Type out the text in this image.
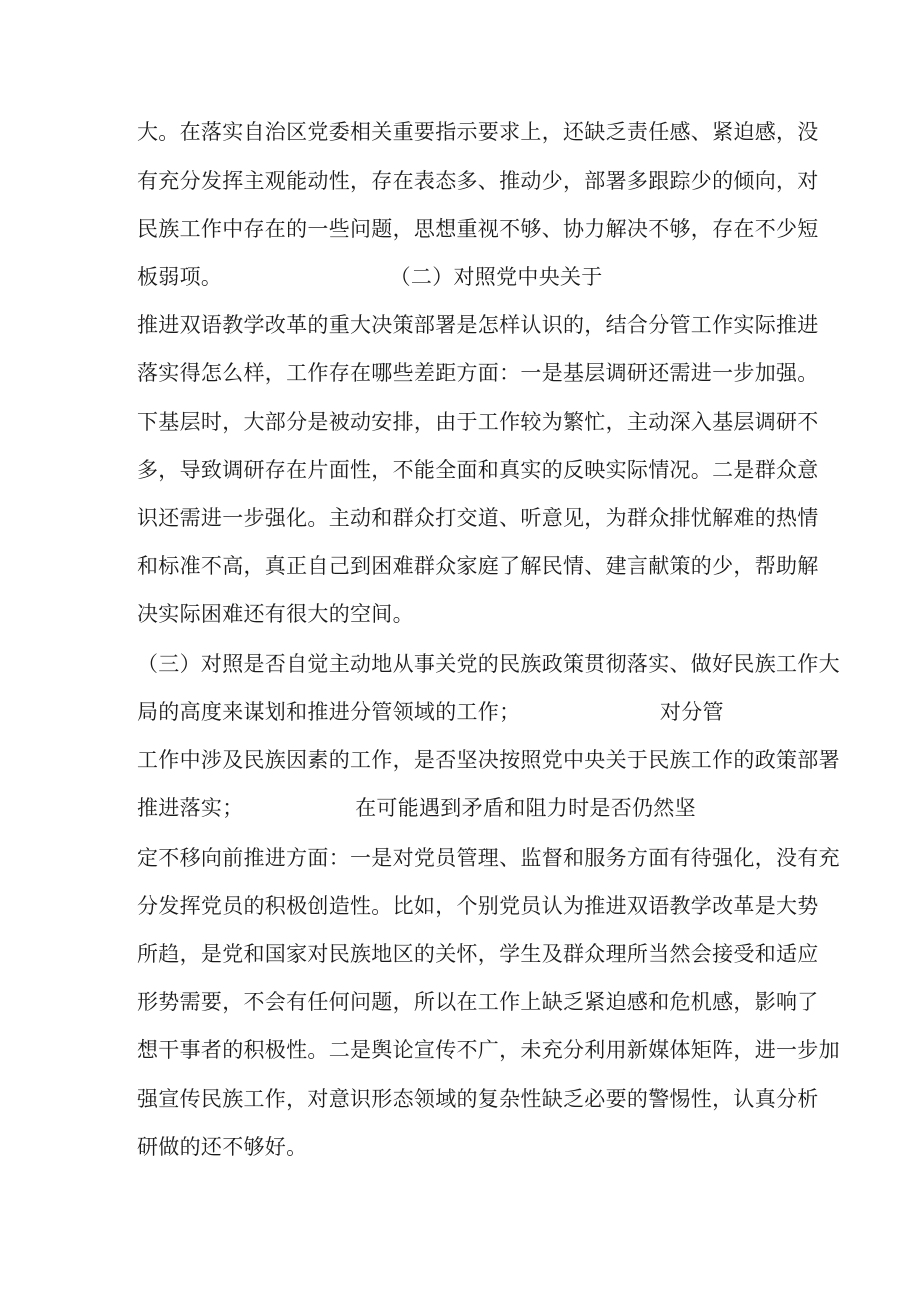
大。在落实自治区党委相关重要指示要求上，还缺乏责任感、紧迫感，没
有充分发挥主观能动性，存在表态多、推动少，部署多跟踪少的倾向，对
民族工作中存在的一些问题，思想重视不够、协力解决不够，存在不少短
板弱项。                        （二）对照党中央关于
推进双语教学改革的重大决策部署是怎样认识的，结合分管工作实际推进
落实得怎么样，工作存在哪些差距方面：一是基层调研还需进一步加强。
下基层时，大部分是被动安排，由于工作较为繁忙，主动深入基层调研不
多，导致调研存在片面性，不能全面和真实的反映实际情况。二是群众意
识还需进一步强化。主动和群众打交道、听意见，为群众排忧解难的热情
和标准不高，真正自己到困难群众家庭了解民情、建言献策的少，帮助解
决实际困难还有很大的空间。
（三）对照是否自觉主动地从事关党的民族政策贯彻落实、做好民族工作大
局的高度来谋划和推进分管领域的工作；                    对分管
工作中涉及民族因素的工作，是否坚决按照党中央关于民族工作的政策部署
推进落实；                在可能遇到矛盾和阻力时是否仍然坚
定不移向前推进方面：一是对党员管理、监督和服务方面有待强化，没有充
分发挥党员的积极创造性。比如，个别党员认为推进双语教学改革是大势
所趋，是党和国家对民族地区的关怀，学生及群众理所当然会接受和适应
形势需要，不会有任何问题，所以在工作上缺乏紧迫感和危机感，影响了
想干事者的积极性。二是舆论宣传不广，未充分利用新媒体矩阵，进一步加
强宣传民族工作，对意识形态领域的复杂性缺乏必要的警惕性，认真分析
研做的还不够好。
